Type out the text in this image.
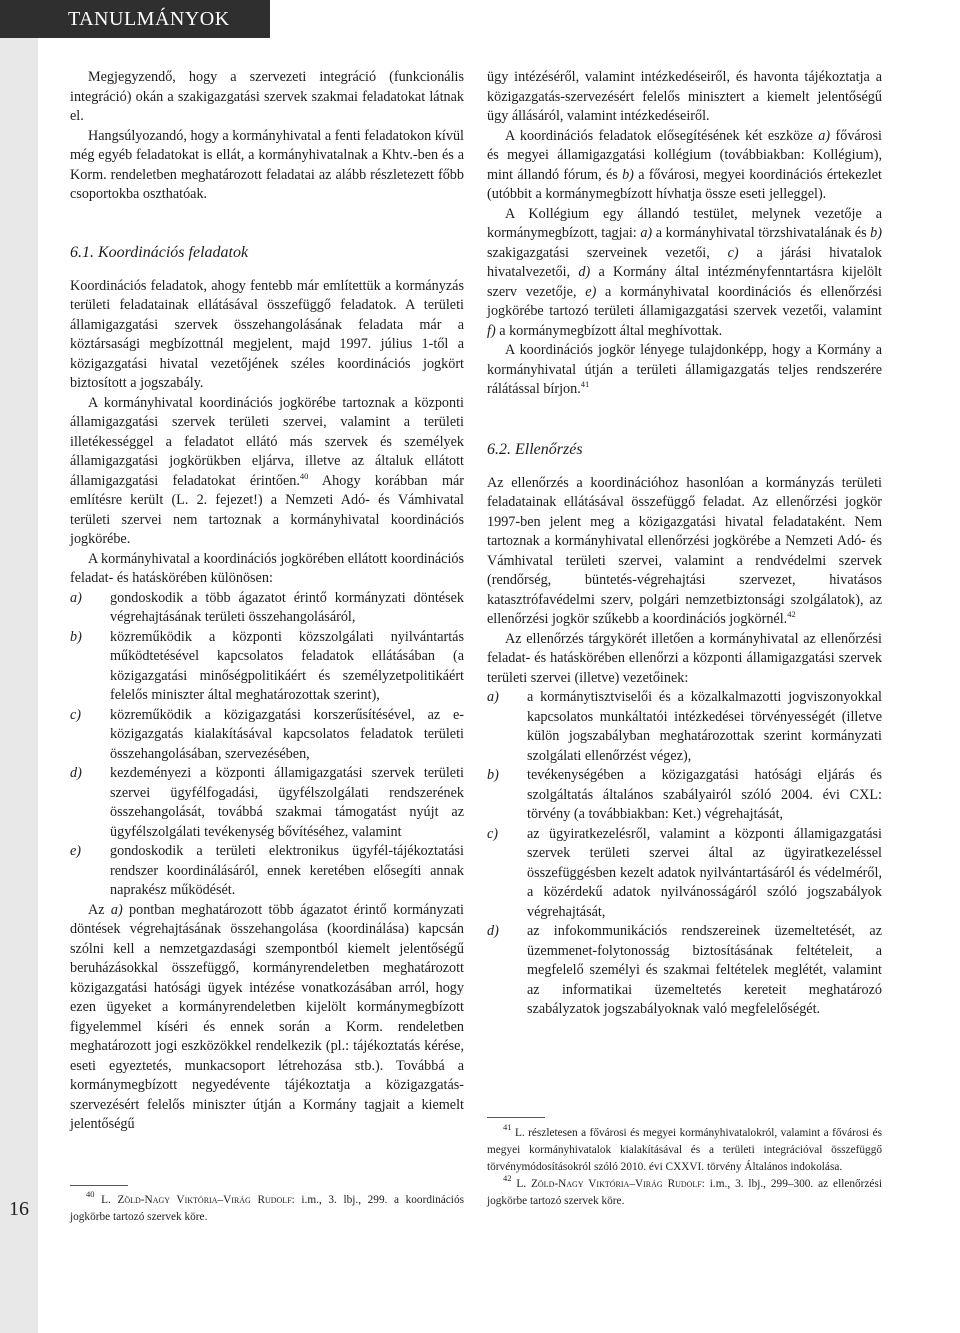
TANULMÁNYOK
16

Megjegyzendő, hogy a szervezeti integráció (funkcionális integráció) okán a szakigazgatási szervek szakmai feladatokat látnak el.

Hangsúlyozandó, hogy a kormányhivatal a fenti feladatokon kívül még egyéb feladatokat is ellát, a kormányhivatalnak a Khtv.-ben és a Korm. rendeletben meghatározott feladatai az alább részletezett főbb csoportokba oszthatóak.

6.1. Koordinációs feladatok

Koordinációs feladatok, ahogy fentebb már említettük a kormányzás területi feladatainak ellátásával összefüggő feladatok. A területi államigazgatási szervek összehangolásának feladata már a köztársasági megbízottnál megjelent, majd 1997. július 1-től a közigazgatási hivatal vezetőjének széles koordinációs jogkört biztosított a jogszabály.

A kormányhivatal koordinációs jogkörébe tartoznak a központi államigazgatási szervek területi szervei, valamint a területi illetékességgel a feladatot ellátó más szervek és személyek államigazgatási jogkörükben eljárva, illetve az általuk ellátott államigazgatási feladatokat érintően.$^{40}$ Ahogy korábban már említésre került (L. 2. fejezet!) a Nemzeti Adó- és Vámhivatal területi szervei nem tartoznak a kormányhivatal koordinációs jogkörébe.

A kormányhivatal a koordinációs jogkörében ellátott koordinációs feladat- és hatáskörében különösen:

a) gondoskodik a több ágazatot érintő kormányzati döntések végrehajtásának területi összehangolásáról,
b) közreműködik a központi közszolgálati nyilvántartás működtetésével kapcsolatos feladatok ellátásában (a közigazgatási minőségpolitikáért és személyzetpolitikáért felelős miniszter által meghatározottak szerint),
c) közreműködik a közigazgatási korszerűsítésével, az e-közigazgatás kialakításával kapcsolatos feladatok területi összehangolásában, szervezésében,
d) kezdeményezi a központi államigazgatási szervek területi szervei ügyfélfogadási, ügyfélszolgálati rendszerének összehangolását, továbbá szakmai támogatást nyújt az ügyfélszolgálati tevékenység bővítéséhez, valamint
e) gondoskodik a területi elektronikus ügyfél-tájékoztatási rendszer koordinálásáról, ennek keretében elősegíti annak naprakész működését.

Az a) pontban meghatározott több ágazatot érintő kormányzati döntések végrehajtásának összehangolása (koordinálása) kapcsán szólni kell a nemzetgazdasági szempontból kiemelt jelentőségű beruházásokkal összefüggő, kormányrendeletben meghatározott közigazgatási hatósági ügyek intézése vonatkozásában arról, hogy ezen ügyeket a kormányrendeletben kijelölt kormánymegbízott figyelemmel kíséri és ennek során a Korm. rendeletben meghatározott jogi eszközökkel rendelkezik (pl.: tájékoztatás kérése, eseti egyeztetés, munkacsoport létrehozása stb.). Továbbá a kormánymegbízott negyedévente tájékoztatja a közigazgatás-szervezésért felelős miniszter útján a Kormány tagjait a kiemelt jelentőségű

ügy intézéséről, valamint intézkedéseiről, és havonta tájékoztatja a közigazgatás-szervezésért felelős minisztert a kiemelt jelentőségű ügy állásáról, valamint intézkedéseiről.

A koordinációs feladatok elősegítésének két eszköze a) fővárosi és megyei államigazgatási kollégium (továbbiakban: Kollégium), mint állandó fórum, és b) a fővárosi, megyei koordinációs értekezlet (utóbbit a kormánymegbízott hívhatja össze eseti jelleggel).

A Kollégium egy állandó testület, melynek vezetője a kormánymegbízott, tagjai: a) a kormányhivatal törzshivatalának és b) szakigazgatási szerveinek vezetői, c) a járási hivatalok hivatalvezetői, d) a Kormány által intézményfenntartásra kijelölt szerv vezetője, e) a kormányhivatal koordinációs és ellenőrzési jogkörébe tartozó területi államigazgatási szervek vezetői, valamint f) a kormánymegbízott által meghívottak.

A koordinációs jogkör lényege tulajdonképp, hogy a Kormány a kormányhivatal útján a területi államigazgatás teljes rendszerére rálátással bírjon.$^{41}$

6.2. Ellenőrzés

Az ellenőrzés a koordinációhoz hasonlóan a kormányzás területi feladatainak ellátásával összefüggő feladat. Az ellenőrzési jogkör 1997-ben jelent meg a közigazgatási hivatal feladataként. Nem tartoznak a kormányhivatal ellenőrzési jogkörébe a Nemzeti Adó- és Vámhivatal területi szervei, valamint a rendvédelmi szervek (rendőrség, büntetés-végrehajtási szervezet, hivatásos katasztrófavédelmi szerv, polgári nemzetbiztonsági szolgálatok), az ellenőrzési jogkör szűkebb a koordinációs jogkörnél.$^{42}$

Az ellenőrzés tárgykörét illetően a kormányhivatal az ellenőrzési feladat- és hatáskörében ellenőrzi a központi államigazgatási szervek területi szervei (illetve) vezetőinek:

a) a kormánytisztviselői és a közalkalmazotti jogviszonyokkal kapcsolatos munkáltatói intézkedései törvényességét (illetve külön jogszabályban meghatározottak szerint kormányzati szolgálati ellenőrzést végez),
b) tevékenységében a közigazgatási hatósági eljárás és szolgáltatás általános szabályairól szóló 2004. évi CXL: törvény (a továbbiakban: Ket.) végrehajtását,
c) az ügyiratkezelésről, valamint a központi államigazgatási szervek területi szervei által az ügyiratkezeléssel összefüggésben kezelt adatok nyilvántartásáról és védelméről, a közérdekű adatok nyilvánosságáról szóló jogszabályok végrehajtását,
d) az infokommunikációs rendszereinek üzemeltetését, az üzemmenet-folytonosság biztosításának feltételeit, a megfelelő személyi és szakmai feltételek meglétét, valamint az informatikai üzemeltetés kereteit meghatározó szabályzatok jogszabályoknak való megfelelőségét.

$^{40}$ L. Zöld-Nagy Viktória–Virág Rudolf: i.m., 3. lbj., 299. a koordinációs jogkörbe tartozó szervek köre.

$^{41}$ L. részletesen a fővárosi és megyei kormányhivatalokról, valamint a fővárosi és megyei kormányhivatalok kialakításával és a területi integrációval összefüggő törvénymódosításokról szóló 2010. évi CXXVI. törvény Általános indokolása.

$^{42}$ L. Zöld-Nagy Viktória–Virág Rudolf: i.m., 3. lbj., 299–300. az ellenőrzési jogkörbe tartozó szervek köre.
